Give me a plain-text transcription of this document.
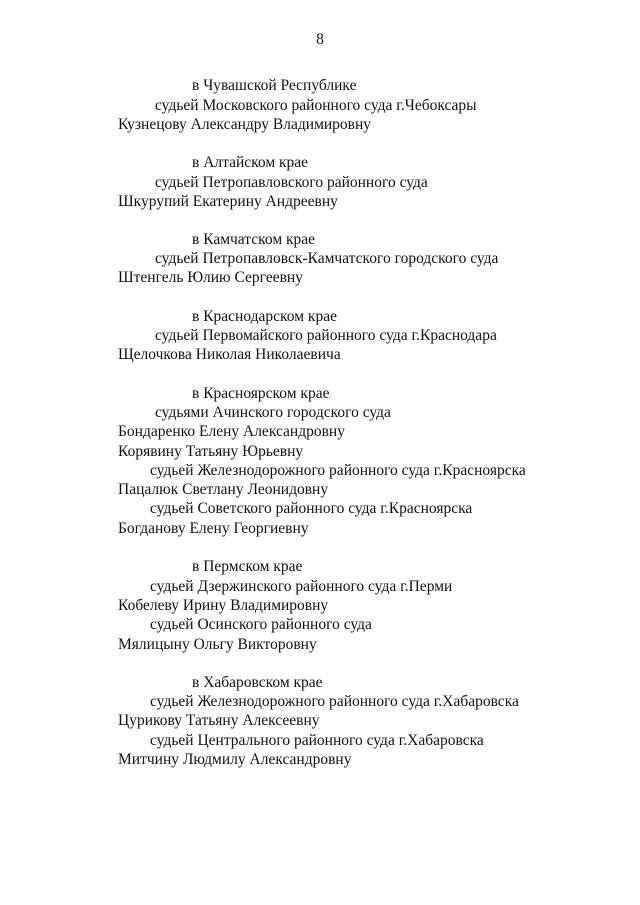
8
в Чувашской Республике
судьей Московского районного суда г.Чебоксары
Кузнецову Александру Владимировну
в Алтайском крае
судьей Петропавловского районного суда
Шкурупий Екатерину Андреевну
в Камчатском крае
судьей Петропавловск-Камчатского городского суда
Штенгель Юлию Сергеевну
в Краснодарском крае
судьей Первомайского районного суда г.Краснодара
Щелочкова Николая Николаевича
в Красноярском крае
судьями Ачинского городского суда
Бондаренко Елену Александровну
Корявину Татьяну Юрьевну
судьей Железнодорожного районного суда г.Красноярска
Пацалюк Светлану Леонидовну
судьей Советского районного суда г.Красноярска
Богданову Елену Георгиевну
в Пермском крае
судьей Дзержинского районного суда г.Перми
Кобелеву Ирину Владимировну
судьей Осинского районного суда
Мялицыну Ольгу Викторовну
в Хабаровском крае
судьей Железнодорожного районного суда г.Хабаровска
Цурикову Татьяну Алексеевну
судьей Центрального районного суда г.Хабаровска
Митчину Людмилу Александровну
